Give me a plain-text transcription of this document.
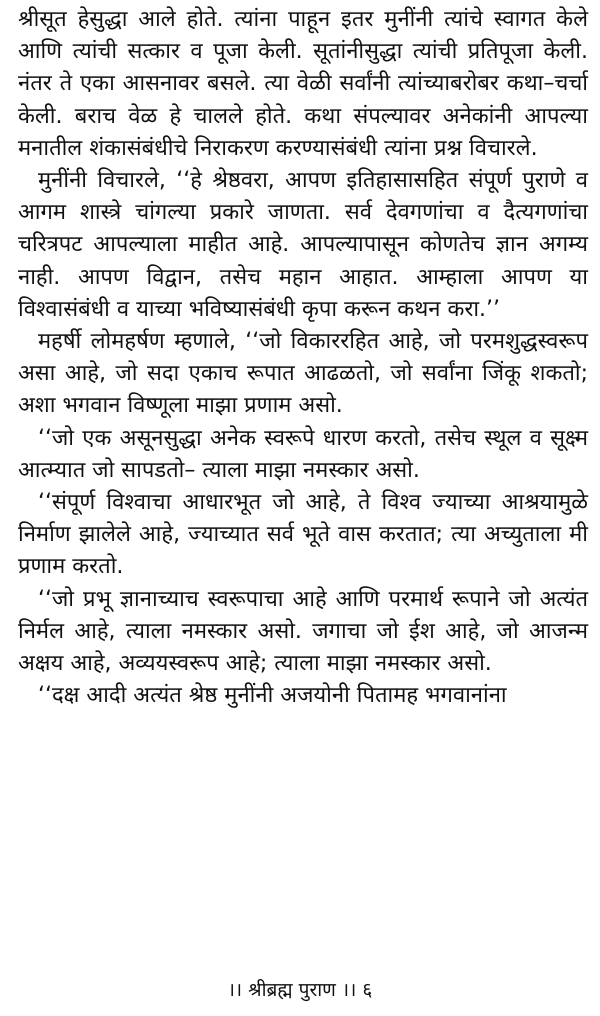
श्रीसूत हेसुद्धा आले होते. त्यांना पाहून इतर मुनींनी त्यांचे स्वागत केले आणि त्यांची सत्कार व पूजा केली. सूतांनीसुद्धा त्यांची प्रतिपूजा केली. नंतर ते एका आसनावर बसले. त्या वेळी सर्वांनी त्यांच्याबरोबर कथा–चर्चा केली. बराच वेळ हे चालले होते. कथा संपल्यावर अनेकांनी आपल्या मनातील शंकासंबंधीचे निराकरण करण्यासंबंधी त्यांना प्रश्न विचारले.

मुनींनी विचारले, ‘‘हे श्रेष्ठवरा, आपण इतिहासासहित संपूर्ण पुराणे व आगम शास्त्रे चांगल्या प्रकारे जाणता. सर्व देवगणांचा व दैत्यगणांचा चरित्रपट आपल्याला माहीत आहे. आपल्यापासून कोणतेच ज्ञान अगम्य नाही. आपण विद्वान, तसेच महान आहात. आम्हाला आपण या विश्वासंबंधी व याच्या भविष्यासंबंधी कृपा करून कथन करा.’’

महर्षी लोमहर्षण म्हणाले, ‘‘जो विकाररहित आहे, जो परमशुद्धस्वरूप असा आहे, जो सदा एकाच रूपात आढळतो, जो सर्वांना जिंकू शकतो; अशा भगवान विष्णूला माझा प्रणाम असो.

‘‘जो एक असूनसुद्धा अनेक स्वरूपे धारण करतो, तसेच स्थूल व सूक्ष्म आत्म्यात जो सापडतो– त्याला माझा नमस्कार असो.

‘‘संपूर्ण विश्वाचा आधारभूत जो आहे, ते विश्व ज्याच्या आश्रयामुळे निर्माण झालेले आहे, ज्याच्यात सर्व भूते वास करतात; त्या अच्युताला मी प्रणाम करतो.

‘‘जो प्रभू ज्ञानाच्याच स्वरूपाचा आहे आणि परमार्थ रूपाने जो अत्यंत निर्मल आहे, त्याला नमस्कार असो. जगाचा जो ईश आहे, जो आजन्म अक्षय आहे, अव्ययस्वरूप आहे; त्याला माझा नमस्कार असो.

‘‘दक्ष आदी अत्यंत श्रेष्ठ मुनींनी अजयोनी पितामह भगवानांना

।। श्रीब्रह्म पुराण ।। ६
